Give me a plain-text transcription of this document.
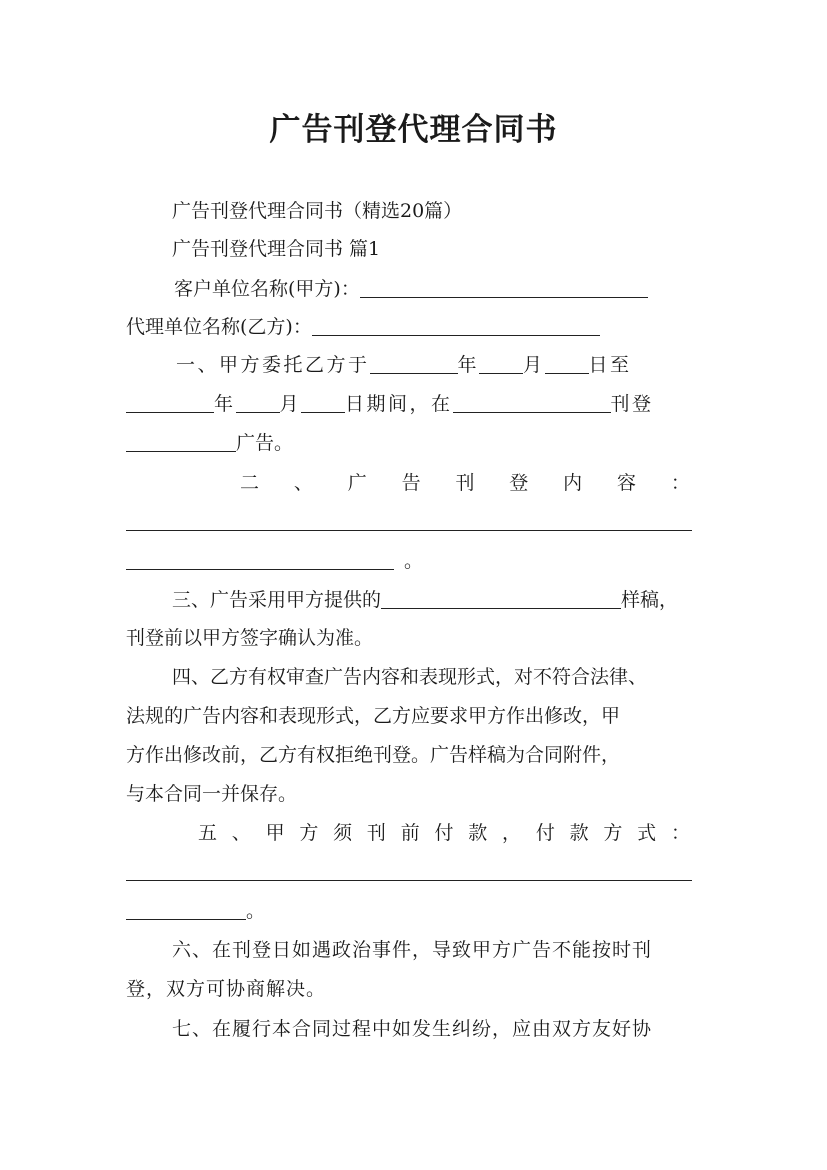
广告刊登代理合同书
广告刊登代理合同书（精选20篇）
广告刊登代理合同书 篇1
客户单位名称(甲方)：
代理单位名称(乙方)：
一、甲方委托乙方于	年 月 日至
年 月 日期间，在	刊登
广告。
二 、 广 告 刊 登 内 容 ：
。
三、广告采用甲方提供的	样稿，
刊登前以甲方签字确认为准。
四、乙方有权审查广告内容和表现形式，对不符合法律、
法规的广告内容和表现形式，乙方应要求甲方作出修改，甲
方作出修改前，乙方有权拒绝刊登。广告样稿为合同附件，
与本合同一并保存。
五 、 甲 方 须 刊 前 付 款 ， 付 款 方 式 ：
。
六、在刊登日如遇政治事件，导致甲方广告不能按时刊
登，双方可协商解决。
七、在履行本合同过程中如发生纠纷，应由双方友好协
